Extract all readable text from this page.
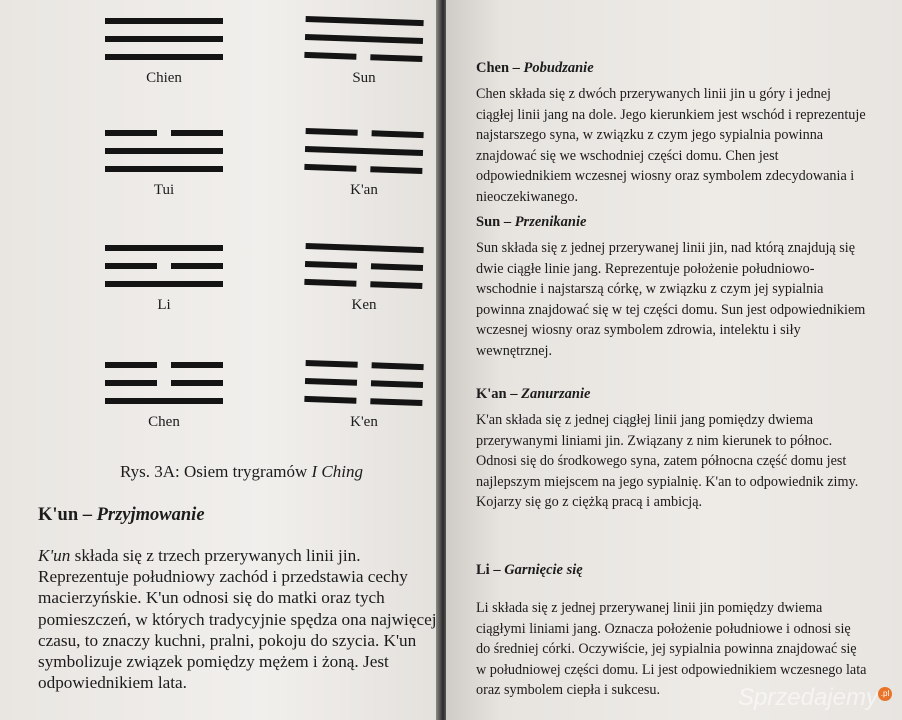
Chien	Sun
Tui	K'an
Li	Ken
Chen	K'en
Rys. 3A: Osiem trygramów I Ching
K'un – Przyjmowanie

K'un składa się z trzech przerywanych linii jin. Reprezentuje południowy zachód i przedstawia cechy macierzyńskie. K'un odnosi się do matki oraz tych pomieszczeń, w których tradycyjnie spędza ona najwięcej czasu, to znaczy kuchni, pralni, pokoju do szycia. K'un symbolizuje związek pomiędzy mężem i żoną. Jest odpowiednikiem lata.

Chen – Pobudzanie

Chen składa się z dwóch przerywanych linii jin u góry i jednej ciągłej linii jang na dole. Jego kierunkiem jest wschód i reprezentuje najstarszego syna, w związku z czym jego sypialnia powinna znajdować się we wschodniej części domu. Chen jest odpowiednikiem wczesnej wiosny oraz symbolem zdecydowania i nieoczekiwanego.

Sun – Przenikanie

Sun składa się z jednej przerywanej linii jin, nad którą znajdują się dwie ciągłe linie jang. Reprezentuje położenie południowo-wschodnie i najstarszą córkę, w związku z czym jej sypialnia powinna znajdować się w tej części domu. Sun jest odpowiednikiem wczesnej wiosny oraz symbolem zdrowia, intelektu i siły wewnętrznej.

K'an – Zanurzanie

K'an składa się z jednej ciągłej linii jang pomiędzy dwiema przerywanymi liniami jin. Związany z nim kierunek to północ. Odnosi się do środkowego syna, zatem północna część domu jest najlepszym miejscem na jego sypialnię. K'an to odpowiednik zimy. Kojarzy się go z ciężką pracą i ambicją.

Li – Garnięcie się

Li składa się z jednej przerywanej linii jin pomiędzy dwiema ciągłymi liniami jang. Oznacza położenie południowe i odnosi się do średniej córki. Oczywiście, jej sypialnia powinna znajdować się w południowej części domu. Li jest odpowiednikiem wczesnego lata oraz symbolem ciepła i sukcesu.	Sprzedajemy .pl
